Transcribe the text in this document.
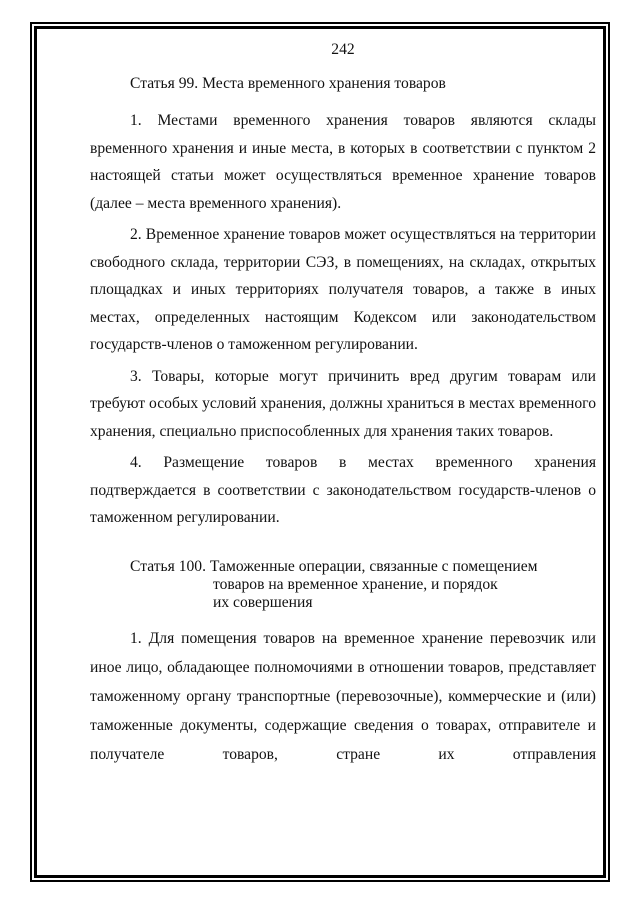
242
Статья 99. Места временного хранения товаров

1. Местами временного хранения товаров являются склады временного хранения и иные места, в которых в соответствии с пунктом 2 настоящей статьи может осуществляться временное хранение товаров (далее – места временного хранения).

2. Временное хранение товаров может осуществляться на территории свободного склада, территории СЭЗ, в помещениях, на складах, открытых площадках и иных территориях получателя товаров, а также в иных местах, определенных настоящим Кодексом или законодательством государств-членов о таможенном регулировании.

3. Товары, которые могут причинить вред другим товарам или требуют особых условий хранения, должны храниться в местах временного хранения, специально приспособленных для хранения таких товаров.

4. Размещение товаров в местах временного хранения подтверждается в соответствии с законодательством государств-членов о таможенном регулировании.

Статья 100. Таможенные операции, связанные с помещением
товаров на временное хранение, и порядок
их совершения

1. Для помещения товаров на временное хранение перевозчик или иное лицо, обладающее полномочиями в отношении товаров, представляет таможенному органу транспортные (перевозочные), коммерческие и (или) таможенные документы, содержащие сведения о товарах, отправителе и получателе товаров, стране их отправления
